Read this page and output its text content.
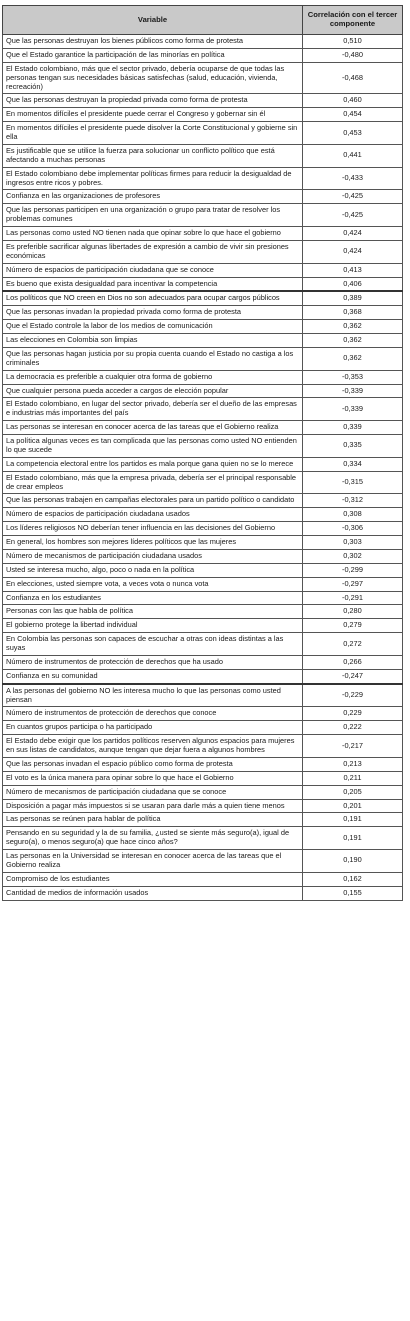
Variable	Correlación con el tercer componente
Que las personas destruyan los bienes públicos como forma de protesta	0,510
Que el Estado garantice la participación de las minorías en política	-0,480
El Estado colombiano, más que el sector privado, debería ocuparse de que todas las personas tengan sus necesidades básicas satisfechas (salud, educación, vivienda, recreación)	-0,468
Que las personas destruyan la propiedad privada como forma de protesta	0,460
En momentos difíciles el presidente puede cerrar el Congreso y gobernar sin él	0,454
En momentos difíciles el presidente puede disolver la Corte Constitucional y gobierne sin ella	0,453
Es justificable que se utilice la fuerza para solucionar un conflicto político que está afectando a muchas personas	0,441
El Estado colombiano debe implementar políticas firmes para reducir la desigualdad de ingresos entre ricos y pobres.	-0,433
Confianza en las organizaciones de profesores	-0,425
Que las personas participen en una organización o grupo para tratar de resolver los problemas comunes	-0,425
Las personas como usted NO tienen nada que opinar sobre lo que hace el gobierno	0,424
Es preferible sacrificar algunas libertades de expresión a cambio de vivir sin presiones económicas	0,424
Número de espacios de participación ciudadana que se conoce	0,413
Es bueno que exista desigualdad para incentivar la competencia	0,406
Los políticos que NO creen en Dios no son adecuados para ocupar cargos públicos	0,389
Que las personas invadan la propiedad privada como forma de protesta	0,368
Que el Estado controle la labor de los medios de comunicación	0,362
Las elecciones en Colombia son limpias	0,362
Que las personas hagan justicia por su propia cuenta cuando el Estado no castiga a los criminales	0,362
La democracia es preferible a cualquier otra forma de gobierno	-0,353
Que cualquier persona pueda acceder a cargos de elección popular	-0,339
El Estado colombiano, en lugar del sector privado, debería ser el dueño de las empresas e industrias más importantes del país	-0,339
Las personas se interesan en conocer acerca de las tareas que el Gobierno realiza	0,339
La política algunas veces es tan complicada que las personas como usted NO entienden lo que sucede	0,335
La competencia electoral entre los partidos es mala porque gana quien no se lo merece	0,334
El Estado colombiano, más que la empresa privada, debería ser el principal responsable de crear empleos	-0,315
Que las personas trabajen en campañas electorales para un partido político o candidato	-0,312
Número de espacios de participación ciudadana usados	0,308
Los líderes religiosos NO deberían tener influencia en las decisiones del Gobierno	-0,306
En general, los hombres son mejores líderes políticos que las mujeres	0,303
Número de mecanismos de participación ciudadana usados	0,302
Usted se interesa mucho, algo, poco o nada en la política	-0,299
En elecciones, usted siempre vota, a veces vota o nunca vota	-0,297
Confianza en los estudiantes	-0,291
Personas con las que habla de política	0,280
El gobierno protege la libertad individual	0,279
En Colombia las personas son capaces de escuchar a otras con ideas distintas a las suyas	0,272
Número de instrumentos de protección de derechos que ha usado	0,266
Confianza en su comunidad	-0,247
A las personas del gobierno NO les interesa mucho lo que las personas como usted piensan	-0,229
Número de instrumentos de protección de derechos que conoce	0,229
En cuantos grupos participa o ha participado	0,222
El Estado debe exigir que los partidos políticos reserven algunos espacios para mujeres en sus listas de candidatos, aunque tengan que dejar fuera a algunos hombres	-0,217
Que las personas invadan el espacio público como forma de protesta	0,213
El voto es la única manera para opinar sobre lo que hace el Gobierno	0,211
Número de mecanismos de participación ciudadana que se conoce	0,205
Disposición a pagar más impuestos si se usaran para darle más a quien tiene menos	0,201
Las personas se reúnen para hablar de política	0,191
Pensando en su seguridad y la de su familia, ¿usted se siente más seguro(a), igual de seguro(a), o menos seguro(a) que hace cinco años?	0,191
Las personas en la Universidad se interesan en conocer acerca de las tareas que el Gobierno realiza	0,190
Compromiso de los estudiantes	0,162
Cantidad de medios de información usados	0,155
